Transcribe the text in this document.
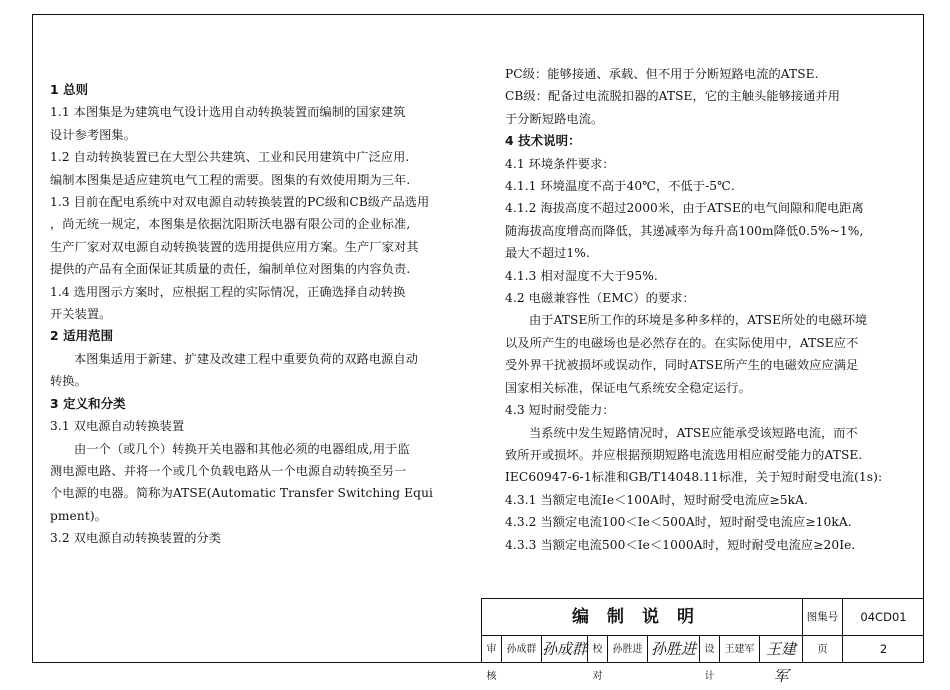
1 总则

1.1 本图集是为建筑电气设计选用自动转换装置而编制的国家建筑

设计参考图集。

1.2 自动转换装置已在大型公共建筑、工业和民用建筑中广泛应用.

编制本图集是适应建筑电气工程的需要。图集的有效使用期为三年.

1.3 目前在配电系统中对双电源自动转换装置的PC级和CB级产品选用

，尚无统一规定，本图集是依据沈阳斯沃电器有限公司的企业标准,

生产厂家对双电源自动转换装置的选用提供应用方案。生产厂家对其

提供的产品有全面保证其质量的责任，编制单位对图集的内容负责.

1.4 选用图示方案时，应根据工程的实际情况，正确选择自动转换

开关装置。

2 适用范围

本图集适用于新建、扩建及改建工程中重要负荷的双路电源自动

转换。

3 定义和分类

3.1 双电源自动转换装置

由一个（或几个）转换开关电器和其他必须的电器组成,用于监

测电源电路、并将一个或几个负载电路从一个电源自动转换至另一

个电源的电器。简称为ATSE(Automatic Transfer Switching Equi

pment)。

3.2 双电源自动转换装置的分类

PC级：能够接通、承载、但不用于分断短路电流的ATSE.

CB级：配备过电流脱扣器的ATSE，它的主触头能够接通并用

于分断短路电流。

4 技术说明：

4.1 环境条件要求：

4.1.1 环境温度不高于40℃，不低于-5℃.

4.1.2 海拔高度不超过2000米，由于ATSE的电气间隙和爬电距离

随海拔高度增高而降低，其递减率为每升高100m降低0.5%~1%,

最大不超过1%.

4.1.3 相对湿度不大于95%.

4.2 电磁兼容性（EMC）的要求：

由于ATSE所工作的环境是多种多样的，ATSE所处的电磁环境

以及所产生的电磁场也是必然存在的。在实际使用中，ATSE应不

受外界干扰被损坏或误动作，同时ATSE所产生的电磁效应应满足

国家相关标准，保证电气系统安全稳定运行。

4.3 短时耐受能力：

当系统中发生短路情况时，ATSE应能承受该短路电流，而不

致所开或损坏。并应根据预期短路电流选用相应耐受能力的ATSE.

IEC60947-6-1标准和GB/T14048.11标准，关于短时耐受电流(1s):

4.3.1 当额定电流Ie＜100A时，短时耐受电流应≥5kA.

4.3.2 当额定电流100＜Ie＜500A时，短时耐受电流应≥10kA.

4.3.3 当额定电流500＜Ie＜1000A时，短时耐受电流应≥20Ie.

编制说明
审核
孙成群 孙成群 校对
孙胜进 孙胜进 设计
王建军 王建军
图集号	04CD01
页	2
